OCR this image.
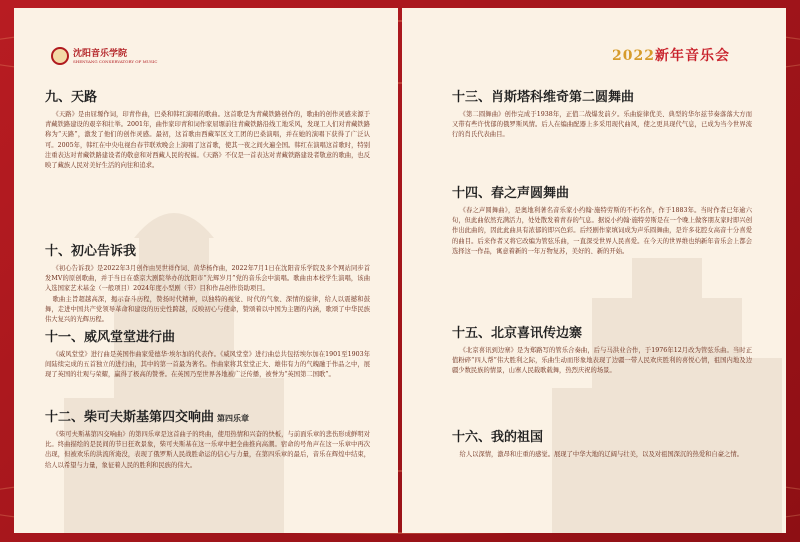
沈阳音乐学院
SHENYANG CONSERVATORY OF MUSIC
九、天路

《天路》是由屈塬作词，印青作曲，巴桑和韩红演唱的歌曲。这首歌是为青藏铁路创作的，歌曲的创作灵感来源于青藏铁路建设的艰辛和壮举。2001年，曲作家印青和词作家屈塬前往青藏铁路沿线工地采风，发现工人们对青藏铁路称为“天路”，激发了他们的创作灵感。最初，这首歌由西藏军区文工团的巴桑演唱，并在她的演唱下获得了广泛认可。2005年，韩红在中央电视台春节联欢晚会上演唱了这首歌，使其一夜之间火遍全国。韩红在演唱这首歌时，特别注重表达对青藏铁路建设者的敬意和对西藏人民的祝福。《天路》不仅是一首表达对青藏铁路建设者敬意的歌曲，也反映了藏族人民对美好生活的向往和追求。

十、初心告诉我

《初心告诉我》是2022年3月创作由吴世祥作词、黄华杨作曲，2022年7月1日在沈阳音乐学院及多个网站同步首发MV的原创歌曲，并于当日在盛京大剧院举办的沈阳市“光辉岁月”党的音乐会中演唱。歌曲由本校学生演唱，该曲入选国家艺术基金（一般项目）2024年度小型剧（节）目和作品创作资助项目。

歌曲主旨超越高深，揭示奋斗历程，赞扬时代精神，以独特的视觉、时代的气象、深情的旋律，给人以震撼和鼓舞，走进中国共产党领导革命和建设的历史性跨越，反映初心与使命，赞颂着以中国为主题的内涵，歌颂了中华民族伟大复兴的光辉历程。

十一、威风堂堂进行曲

《威风堂堂》进行曲是英国作曲家爱德华·埃尔加的代表作。《威风堂堂》进行曲总共包括埃尔加在1901至1903年间陆续完成的五首独立的进行曲，其中的第一首最为著名。作曲家将其堂堂正大、雄伟有力的气魄融于作品之中，展现了英国的壮观与荣耀，赢得了极高的赞誉。在英国乃至世界各地被广泛传播，被誉为“英国第二国歌”。

十二、柴可夫斯基第四交响曲 第四乐章

《柴可夫斯基第四交响曲》的第四乐章是这首曲子的终曲，使用热情和兴奋的快板，与前面乐章的悲伤形成鲜明对比。终曲描绘的是民间的节日狂欢景象，柴可夫斯基在这一乐章中把全曲推向高潮。宿命的号角声在这一乐章中再次出现，但被欢乐的洪流所淹没，表现了俄罗斯人民战胜命运的信心与力量，在第四乐章的最后，音乐在辉煌中结束，给人以希望与力量，象征着人民的胜利和民族的伟大。

2022新年音乐会
十三、肖斯塔科维奇第二圆舞曲

《第二圆舞曲》创作完成于1938年，正值二战爆发前夕。乐曲旋律优美、典型的华尔兹节奏落落大方而又带有些许忧郁的俄罗斯风情。后人在编曲配器上多采用现代曲风，使之更具现代气息，已成为当今世界流行的肖氏代表曲目。

十四、春之声圆舞曲

《春之声圆舞曲》，是奥地利著名音乐家小约翰·施特劳斯的不朽名作，作于1883年。当时作者已年逾六旬，但此曲依然充满活力，处处散发着青春的气息。据说小约翰·施特劳斯是在一个晚上做客朋友家时即兴创作出此曲的，因此此曲具有浓郁的即兴色彩。后经剧作家填词成为声乐圆舞曲，是许多花腔女高音十分喜爱的曲目。后来作者又将它改编为管弦乐曲，一直深受世界人民喜爱。在今天的世界维也纳新年音乐会上都会选择这一作品，寓意着新的一年万物复苏，美好的、新的开始。

十五、北京喜讯传边寨

《北京喜讯到边寨》是为郑路写的管乐合奏曲，后与马洪业合作，于1976年12月改为管弦乐曲。当时正值粉碎“四人帮”伟大胜利之际，乐曲生动而形象地表现了边疆一带人民欢庆胜利的喜悦心情，祖国内地及边疆少数民族的情景，山寨人民载歌载舞，热烈庆祝的场景。

十六、我的祖国

给人以深情，激昂和庄重的感觉。展现了中华大地的辽阔与壮美，以及对祖国深沉的热爱和自豪之情。
